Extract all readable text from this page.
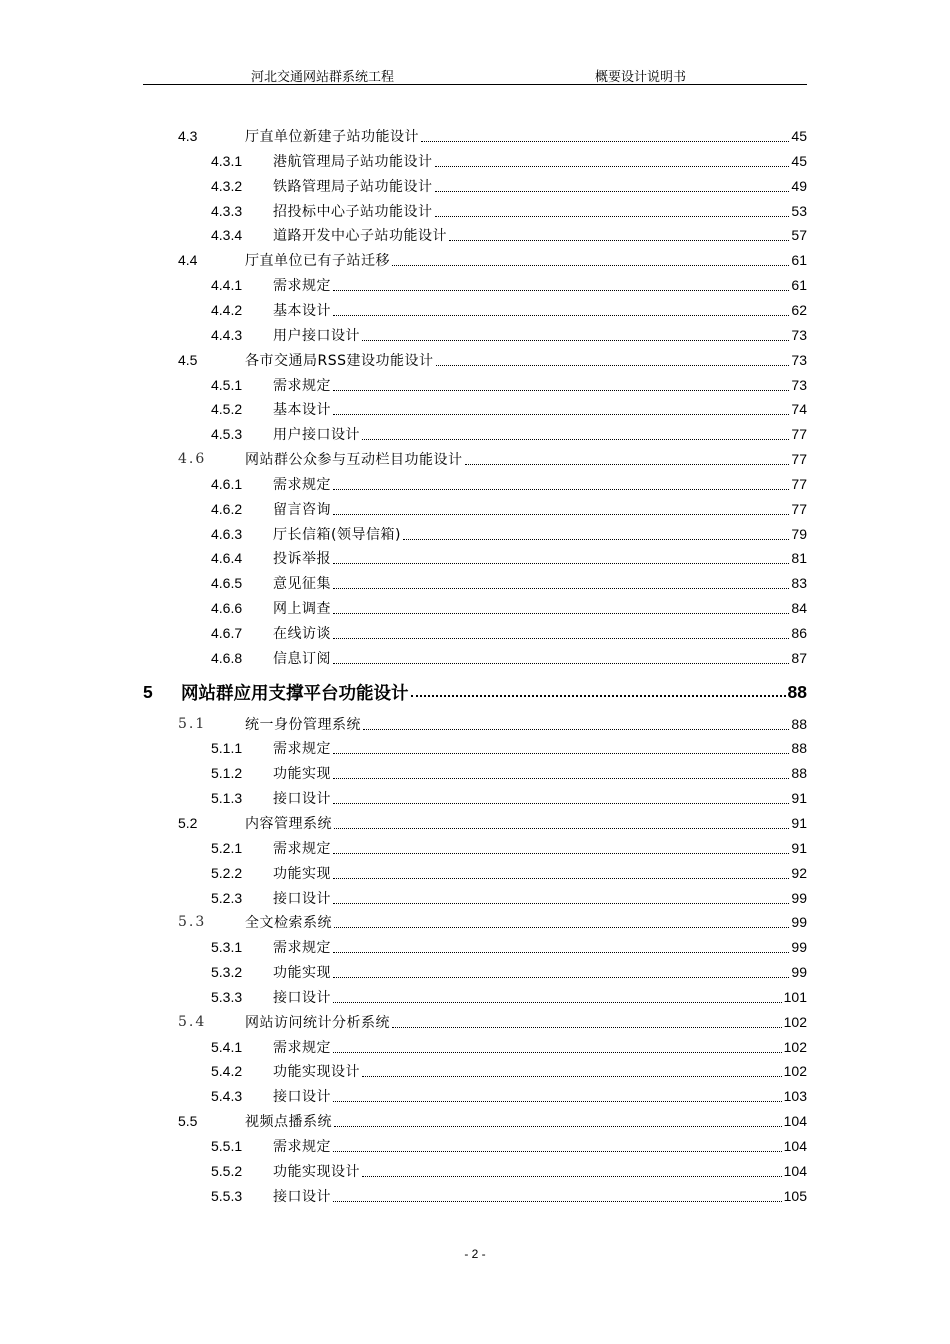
河北交通网站群系统工程	概要设计说明书
4.3	厅直单位新建子站功能设计	45
4.3.1	港航管理局子站功能设计	45
4.3.2	铁路管理局子站功能设计	49
4.3.3	招投标中心子站功能设计	53
4.3.4	道路开发中心子站功能设计	57
4.4	厅直单位已有子站迁移	61
4.4.1	需求规定	61
4.4.2	基本设计	62
4.4.3	用户接口设计	73
4.5	各市交通局RSS建设功能设计	73
4.5.1	需求规定	73
4.5.2	基本设计	74
4.5.3	用户接口设计	77
4.6	网站群公众参与互动栏目功能设计	77
4.6.1	需求规定	77
4.6.2	留言咨询	77
4.6.3	厅长信箱(领导信箱)	79
4.6.4	投诉举报	81
4.6.5	意见征集	83
4.6.6	网上调查	84
4.6.7	在线访谈	86
4.6.8	信息订阅	87
5	网站群应用支撑平台功能设计	88
5.1	统一身份管理系统	88
5.1.1	需求规定	88
5.1.2	功能实现	88
5.1.3	接口设计	91
5.2	内容管理系统	91
5.2.1	需求规定	91
5.2.2	功能实现	92
5.2.3	接口设计	99
5.3	全文检索系统	99
5.3.1	需求规定	99
5.3.2	功能实现	99
5.3.3	接口设计	101
5.4	网站访问统计分析系统	102
5.4.1	需求规定	102
5.4.2	功能实现设计	102
5.4.3	接口设计	103
5.5	视频点播系统	104
5.5.1	需求规定	104
5.5.2	功能实现设计	104
5.5.3	接口设计	105
- 2 -
